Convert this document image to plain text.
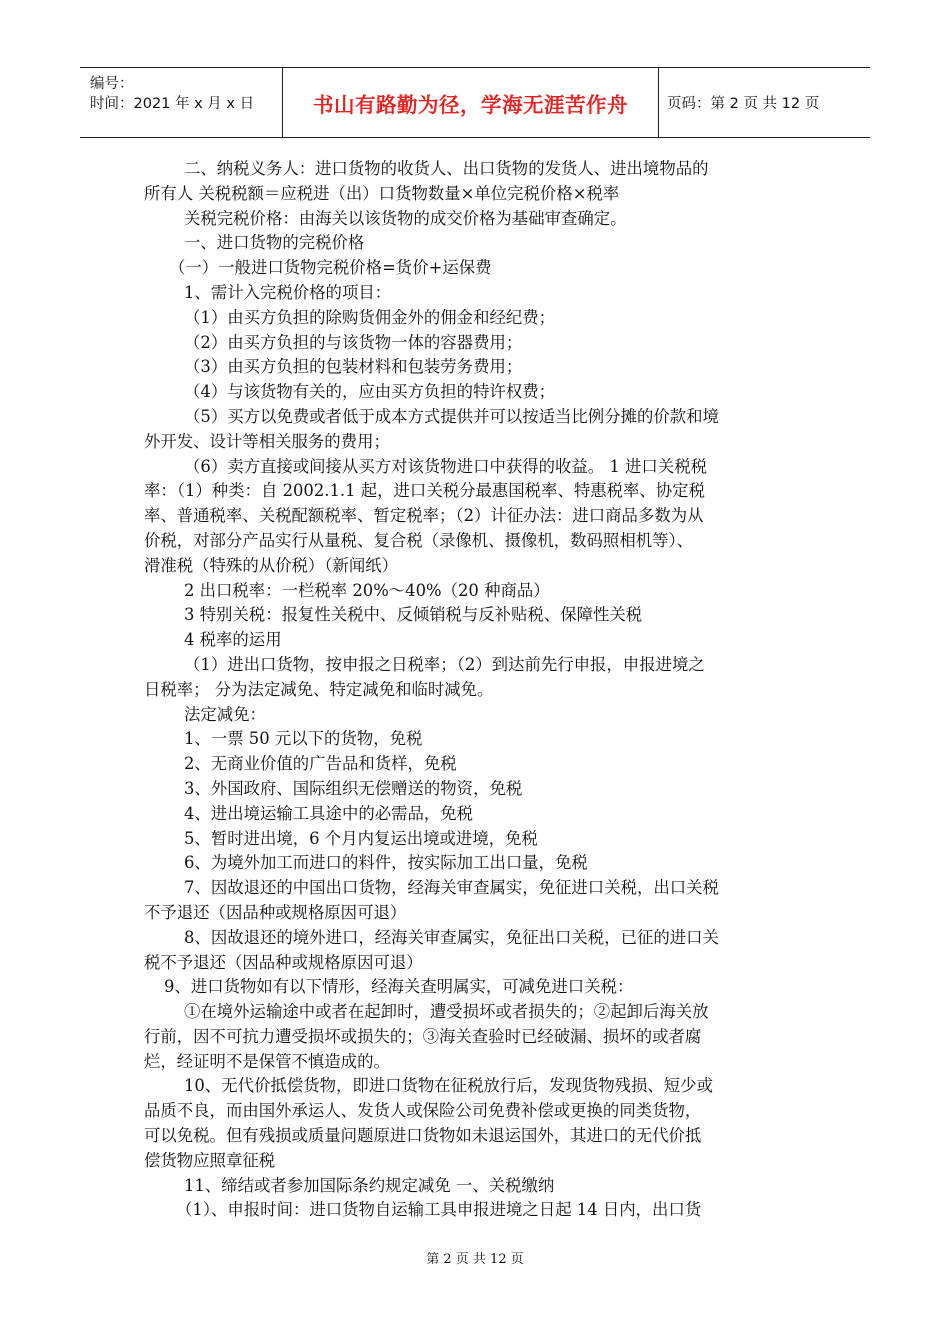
编号：
时间：2021 年 x 月 x 日	书山有路勤为径，学海无涯苦作舟	页码：第 2 页 共 12 页
二、纳税义务人：进口货物的收货人、出口货物的发货人、进出境物品的
所有人 关税税额＝应税进（出）口货物数量×单位完税价格×税率
关税完税价格：由海关以该货物的成交价格为基础审查确定。
一、进口货物的完税价格
（一）一般进口货物完税价格=货价+运保费
1、需计入完税价格的项目：
（1）由买方负担的除购货佣金外的佣金和经纪费；
（2）由买方负担的与该货物一体的容器费用；
（3）由买方负担的包装材料和包装劳务费用；
（4）与该货物有关的，应由买方负担的特许权费；
（5）买方以免费或者低于成本方式提供并可以按适当比例分摊的价款和境
外开发、设计等相关服务的费用；
（6）卖方直接或间接从买方对该货物进口中获得的收益。 1 进口关税税
率：（1）种类：自 2002.1.1 起，进口关税分最惠国税率、特惠税率、协定税
率、普通税率、关税配额税率、暂定税率；（2）计征办法：进口商品多数为从
价税，对部分产品实行从量税、复合税（录像机、摄像机，数码照相机等）、
滑准税（特殊的从价税）（新闻纸）
2 出口税率：一栏税率 20%～40%（20 种商品）
3 特别关税：报复性关税中、反倾销税与反补贴税、保障性关税
4 税率的运用
（1）进出口货物，按申报之日税率；（2）到达前先行申报，申报进境之
日税率； 分为法定减免、特定减免和临时减免。
法定减免：
1、一票 50 元以下的货物，免税
2、无商业价值的广告品和货样，免税
3、外国政府、国际组织无偿赠送的物资，免税
4、进出境运输工具途中的必需品，免税
5、暂时进出境，6 个月内复运出境或进境，免税
6、为境外加工而进口的料件，按实际加工出口量，免税
7、因故退还的中国出口货物，经海关审查属实，免征进口关税，出口关税
不予退还（因品种或规格原因可退）
8、因故退还的境外进口，经海关审查属实，免征出口关税，已征的进口关
税不予退还（因品种或规格原因可退）
9、进口货物如有以下情形，经海关查明属实，可减免进口关税：
①在境外运输途中或者在起卸时，遭受损坏或者损失的；②起卸后海关放
行前，因不可抗力遭受损坏或损失的；③海关查验时已经破漏、损坏的或者腐
烂，经证明不是保管不慎造成的。
10、无代价抵偿货物，即进口货物在征税放行后，发现货物残损、短少或
品质不良，而由国外承运人、发货人或保险公司免费补偿或更换的同类货物，
可以免税。但有残损或质量问题原进口货物如未退运国外，其进口的无代价抵
偿货物应照章征税
11、缔结或者参加国际条约规定减免 一、关税缴纳
（1）、申报时间：进口货物自运输工具申报进境之日起 14 日内，出口货
第 2 页 共 12 页
